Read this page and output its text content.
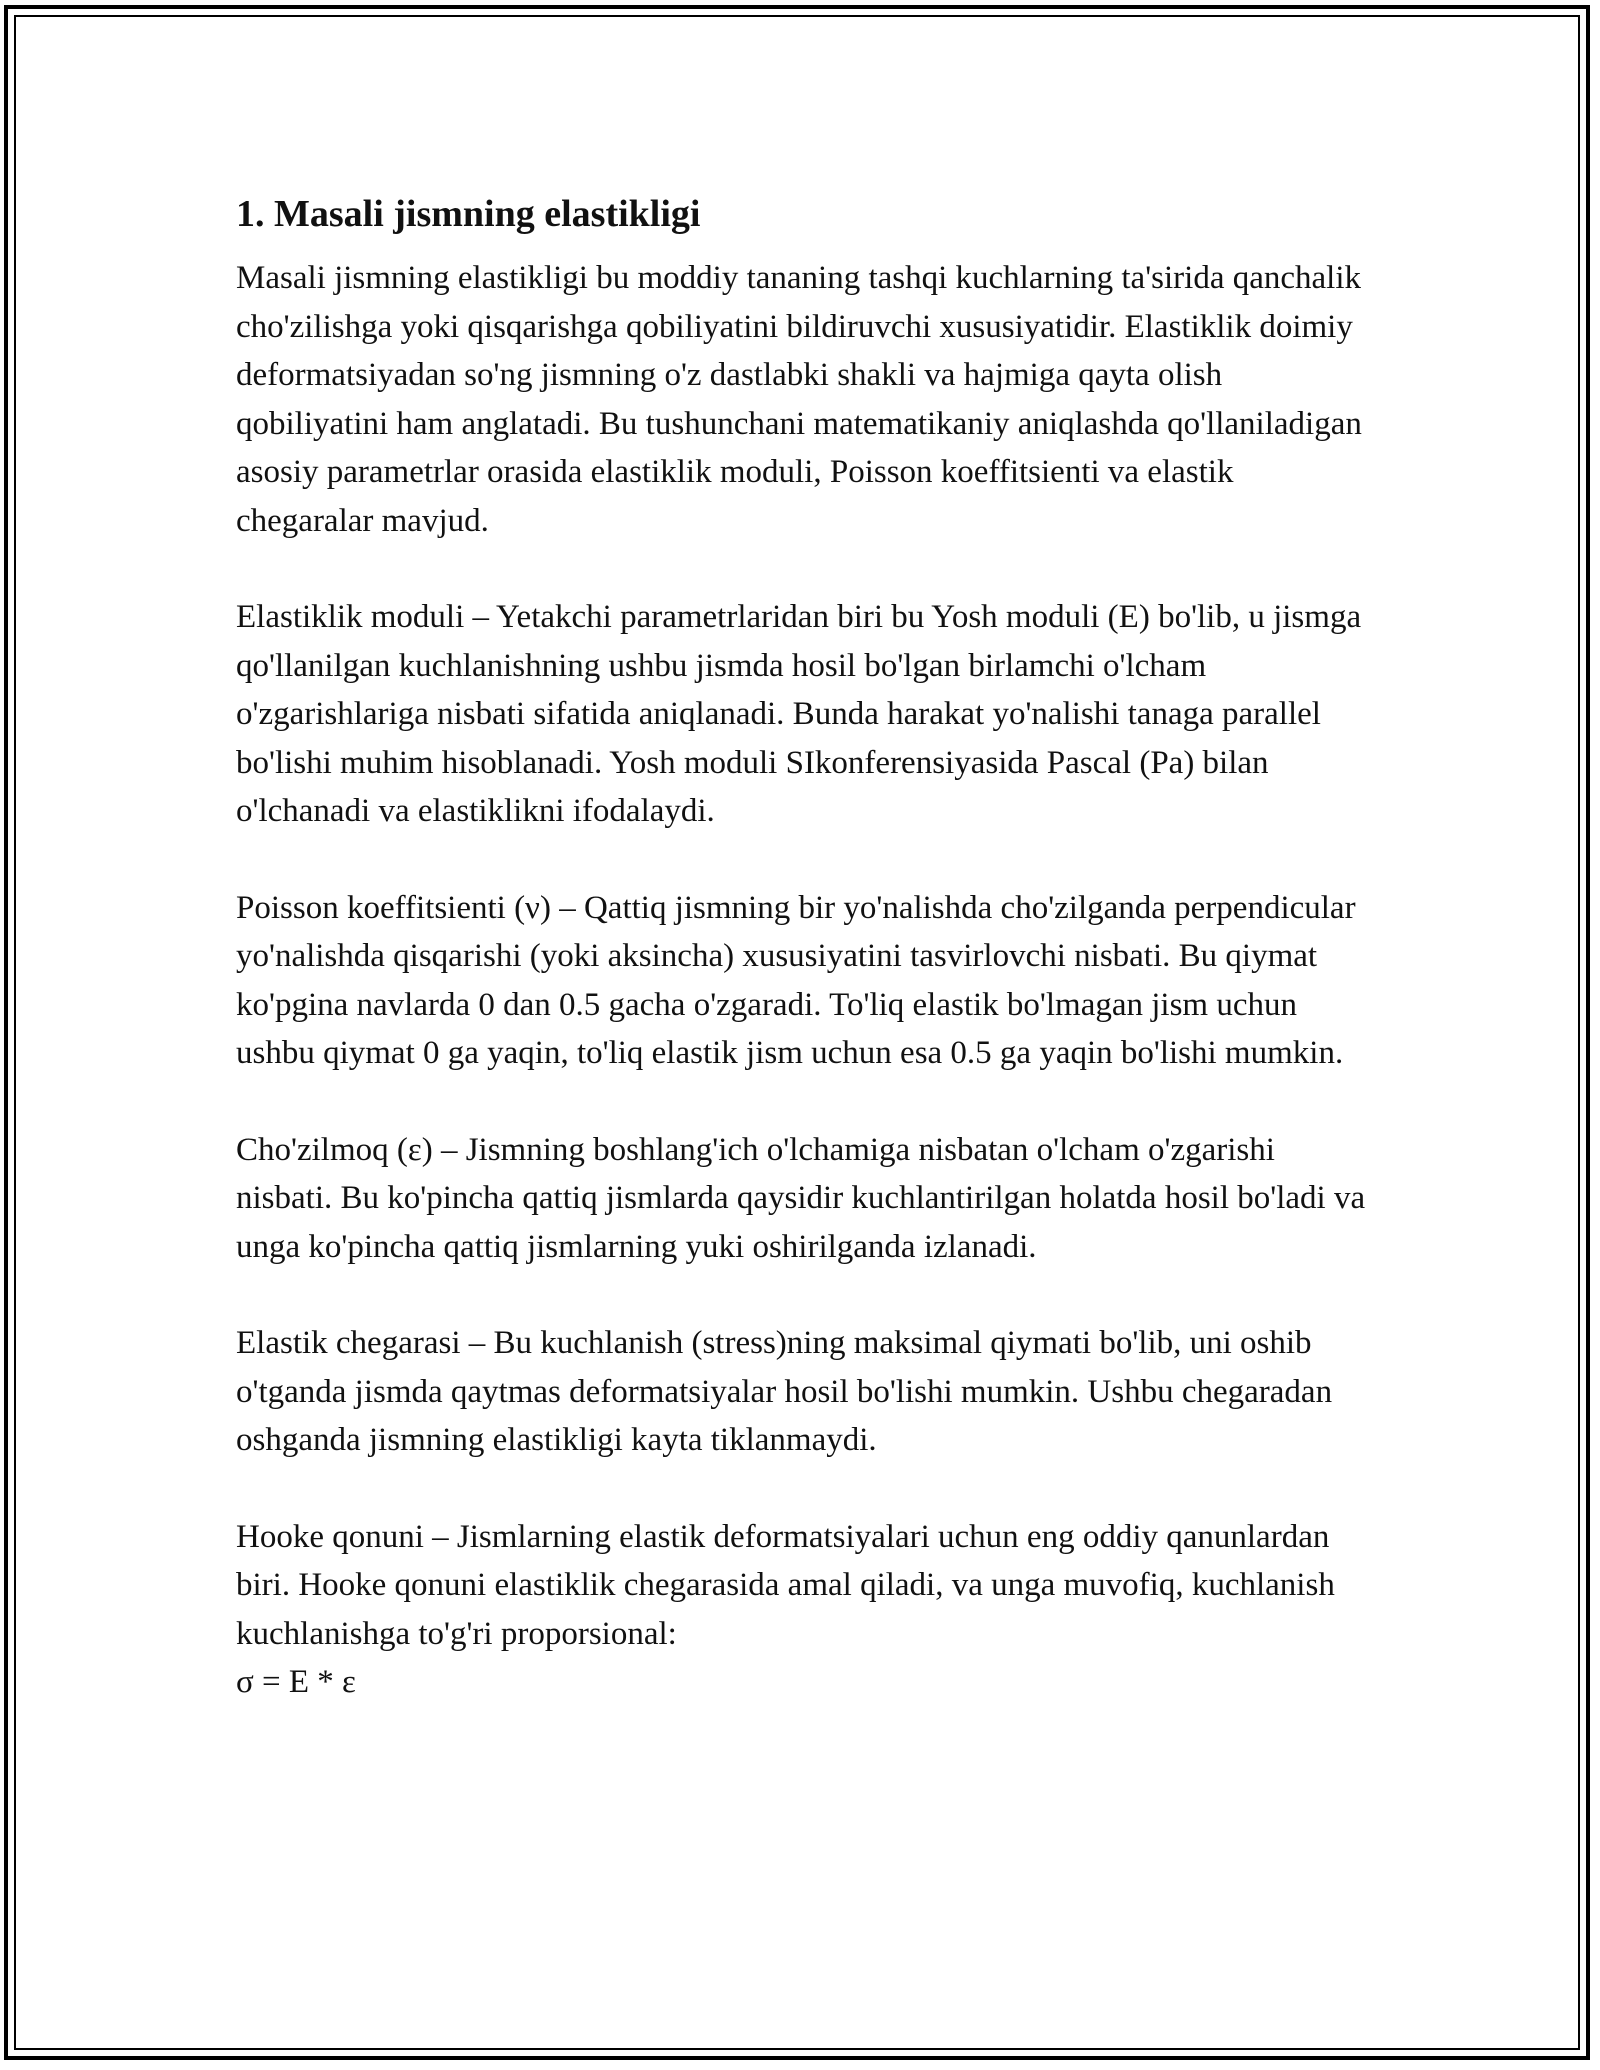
1. Masali jismning elastikligi

Masali jismning elastikligi bu moddiy tananing tashqi kuchlarning ta'sirida qanchalik cho'zilishga yoki qisqarishga qobiliyatini bildiruvchi xususiyatidir. Elastiklik doimiy deformatsiyadan so'ng jismning o'z dastlabki shakli va hajmiga qayta olish qobiliyatini ham anglatadi. Bu tushunchani matematikaniy aniqlashda qo'llaniladigan asosiy parametrlar orasida elastiklik moduli, Poisson koeffitsienti va elastik chegaralar mavjud.

Elastiklik moduli – Yetakchi parametrlaridan biri bu Yosh moduli (E) bo'lib, u jismga qo'llanilgan kuchlanishning ushbu jismda hosil bo'lgan birlamchi o'lcham o'zgarishlariga nisbati sifatida aniqlanadi. Bunda harakat yo'nalishi tanaga parallel bo'lishi muhim hisoblanadi. Yosh moduli SIkonferensiyasida Pascal (Pa) bilan o'lchanadi va elastiklikni ifodalaydi.

Poisson koeffitsienti (ν) – Qattiq jismning bir yo'nalishda cho'zilganda perpendicular yo'nalishda qisqarishi (yoki aksincha) xususiyatini tasvirlovchi nisbati. Bu qiymat ko'pgina navlarda 0 dan 0.5 gacha o'zgaradi. To'liq elastik bo'lmagan jism uchun ushbu qiymat 0 ga yaqin, to'liq elastik jism uchun esa 0.5 ga yaqin bo'lishi mumkin.

Cho'zilmoq (ε) – Jismning boshlang'ich o'lchamiga nisbatan o'lcham o'zgarishi nisbati. Bu ko'pincha qattiq jismlarda qaysidir kuchlantirilgan holatda hosil bo'ladi va unga ko'pincha qattiq jismlarning yuki oshirilganda izlanadi.

Elastik chegarasi – Bu kuchlanish (stress)ning maksimal qiymati bo'lib, uni oshib o'tganda jismda qaytmas deformatsiyalar hosil bo'lishi mumkin. Ushbu chegaradan oshganda jismning elastikligi kayta tiklanmaydi.

Hooke qonuni – Jismlarning elastik deformatsiyalari uchun eng oddiy qanunlardan biri. Hooke qonuni elastiklik chegarasida amal qiladi, va unga muvofiq, kuchlanish kuchlanishga to'g'ri proporsional:

σ = E * ε
